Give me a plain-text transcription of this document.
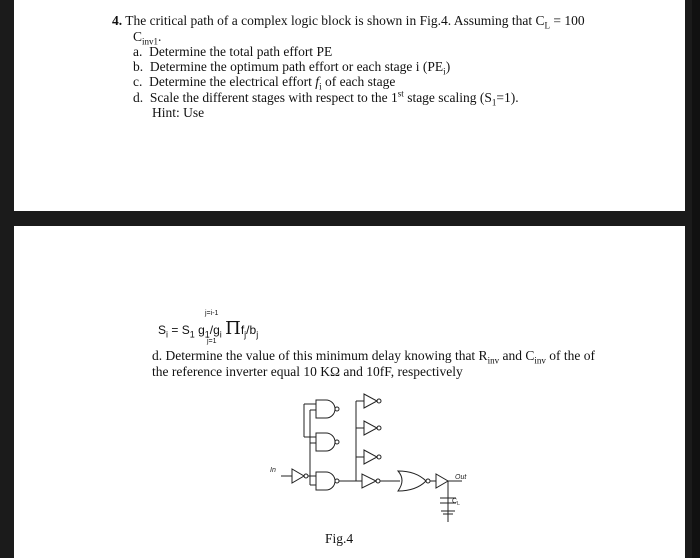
4. The critical path of a complex logic block is shown in Fig.4. Assuming that $C_L = 100$
$C_{inv1}$.
a. Determine the total path effort PE
b. Determine the optimum path effort or each stage i $(PE_i)$
c. Determine the electrical effort $f_i$ of each stage
d. Scale the different stages with respect to the 1st stage scaling $(S_1=1)$.
Hint: Use
$S_i = S_1$ $g_1/g_i$ $\Pi f_j/b_j$
j=i-1
j=1
d. Determine the value of this minimum delay knowing that $R_{inv}$ and $C_{inv}$ of the of
the reference inverter equal 10 KΩ and 10fF, respectively
In
Out
$C_L$
Fig.4
